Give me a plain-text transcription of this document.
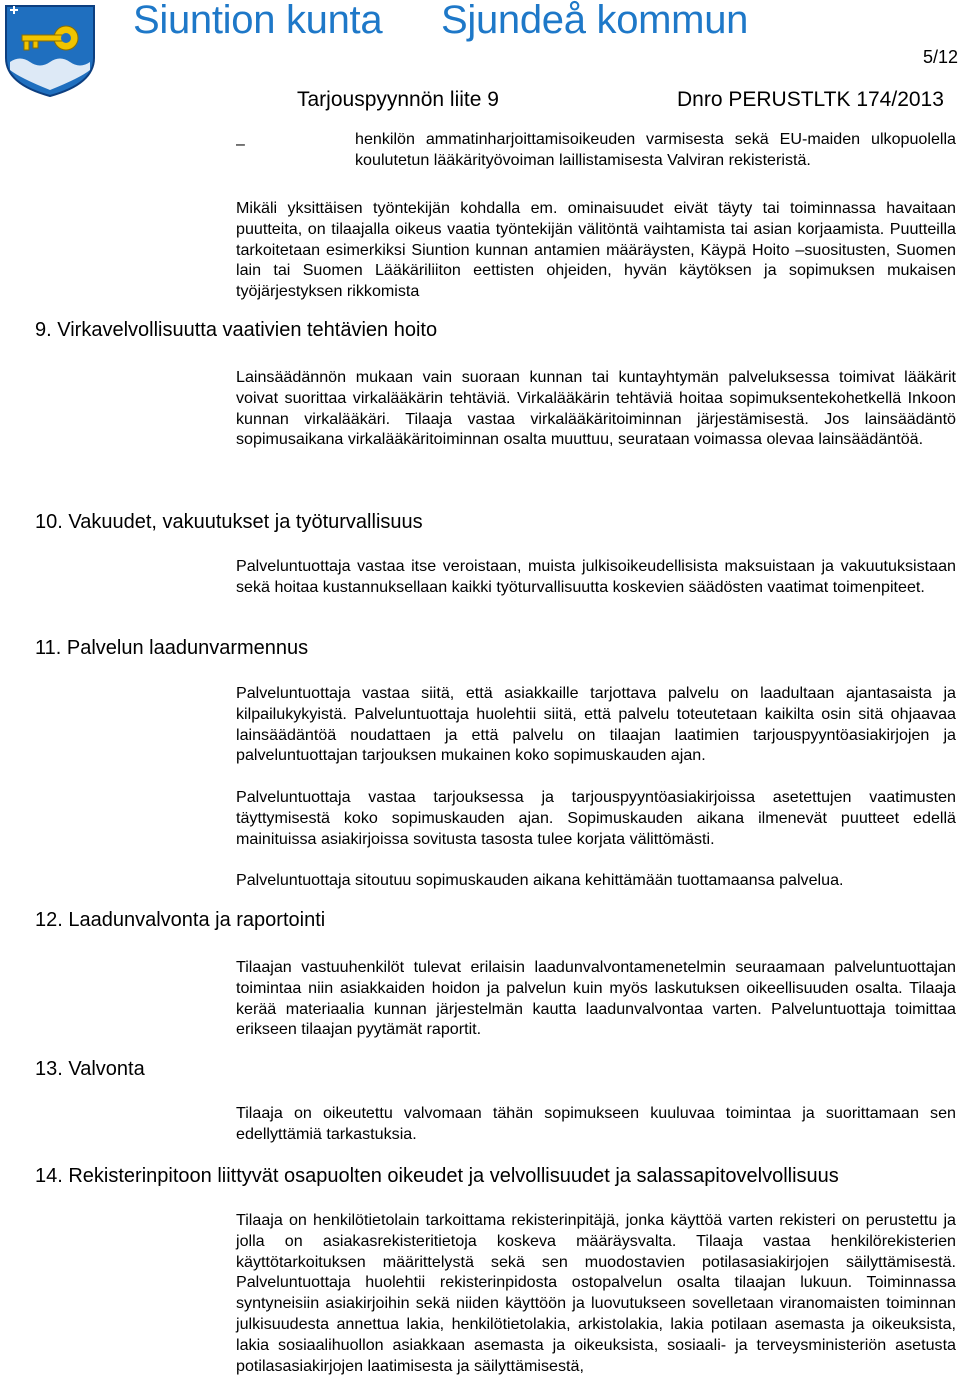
Siuntion kunta Sjundeå kommun
5/12
Tarjouspyynnön liite 9	Dnro PERUSTLTK 174/2013
–	henkilön ammatinharjoittamisoikeuden varmisesta sekä EU-maiden ulkopuolella koulutetun lääkärityövoiman laillistamisesta Valviran rekisteristä.

Mikäli yksittäisen työntekijän kohdalla em. ominaisuudet eivät täyty tai toiminnassa havaitaan puutteita, on tilaajalla oikeus vaatia työntekijän välitöntä vaihtamista tai asian korjaamista. Puutteilla tarkoitetaan esimerkiksi Siuntion kunnan antamien määräysten, Käypä Hoito –suositusten, Suomen lain tai Suomen Lääkäriliiton eettisten ohjeiden, hyvän käytöksen ja sopimuksen mukaisen työjärjestyksen rikkomista

9. Virkavelvollisuutta vaativien tehtävien hoito

Lainsäädännön mukaan vain suoraan kunnan tai kuntayhtymän palveluksessa toimivat lääkärit voivat suorittaa virkalääkärin tehtäviä. Virkalääkärin tehtäviä hoitaa sopimuksentekohetkellä Inkoon kunnan virkalääkäri. Tilaaja vastaa virkalääkäritoiminnan järjestämisestä. Jos lainsäädäntö sopimusaikana virkalääkäritoiminnan osalta muuttuu, seurataan voimassa olevaa lainsäädäntöä.

10. Vakuudet, vakuutukset ja työturvallisuus

Palveluntuottaja vastaa itse veroistaan, muista julkisoikeudellisista maksuistaan ja vakuutuksistaan sekä hoitaa kustannuksellaan kaikki työturvallisuutta koskevien säädösten vaatimat toimenpiteet.

11. Palvelun laadunvarmennus

Palveluntuottaja vastaa siitä, että asiakkaille tarjottava palvelu on laadultaan ajantasaista ja kilpailukykyistä. Palveluntuottaja huolehtii siitä, että palvelu toteutetaan kaikilta osin sitä ohjaavaa lainsäädäntöä noudattaen ja että palvelu on tilaajan laatimien tarjouspyyntöasiakirjojen ja palveluntuottajan tarjouksen mukainen koko sopimuskauden ajan.

Palveluntuottaja vastaa tarjouksessa ja tarjouspyyntöasiakirjoissa asetettujen vaatimusten täyttymisestä koko sopimuskauden ajan. Sopimuskauden aikana ilmenevät puutteet edellä mainituissa asiakirjoissa sovitusta tasosta tulee korjata välittömästi.

Palveluntuottaja sitoutuu sopimuskauden aikana kehittämään tuottamaansa palvelua.

12. Laadunvalvonta ja raportointi

Tilaajan vastuuhenkilöt tulevat erilaisin laadunvalvontamenetelmin seuraamaan palveluntuottajan toimintaa niin asiakkaiden hoidon ja palvelun kuin myös laskutuksen oikeellisuuden osalta. Tilaaja kerää materiaalia kunnan järjestelmän kautta laadunvalvontaa varten. Palveluntuottaja toimittaa erikseen tilaajan pyytämät raportit.

13. Valvonta

Tilaaja on oikeutettu valvomaan tähän sopimukseen kuuluvaa toimintaa ja suorittamaan sen edellyttämiä tarkastuksia.

14. Rekisterinpitoon liittyvät osapuolten oikeudet ja velvollisuudet ja salassapitovelvollisuus

Tilaaja on henkilötietolain tarkoittama rekisterinpitäjä, jonka käyttöä varten rekisteri on perustettu ja jolla on asiakasrekisteritietoja koskeva määräysvalta. Tilaaja vastaa henkilörekisterien käyttötarkoituksen määrittelystä sekä sen muodostavien potilasasiakirjojen säilyttämisestä. Palveluntuottaja huolehtii rekisterinpidosta ostopalvelun osalta tilaajan lukuun. Toiminnassa syntyneisiin asiakirjoihin sekä niiden käyttöön ja luovutukseen sovelletaan viranomaisten toiminnan julkisuudesta annettua lakia, henkilötietolakia, arkistolakia, lakia potilaan asemasta ja oikeuksista, lakia sosiaalihuollon asiakkaan asemasta ja oikeuksista, sosiaali- ja terveysministeriön asetusta potilasasiakirjojen laatimisesta ja säilyttämisestä,
